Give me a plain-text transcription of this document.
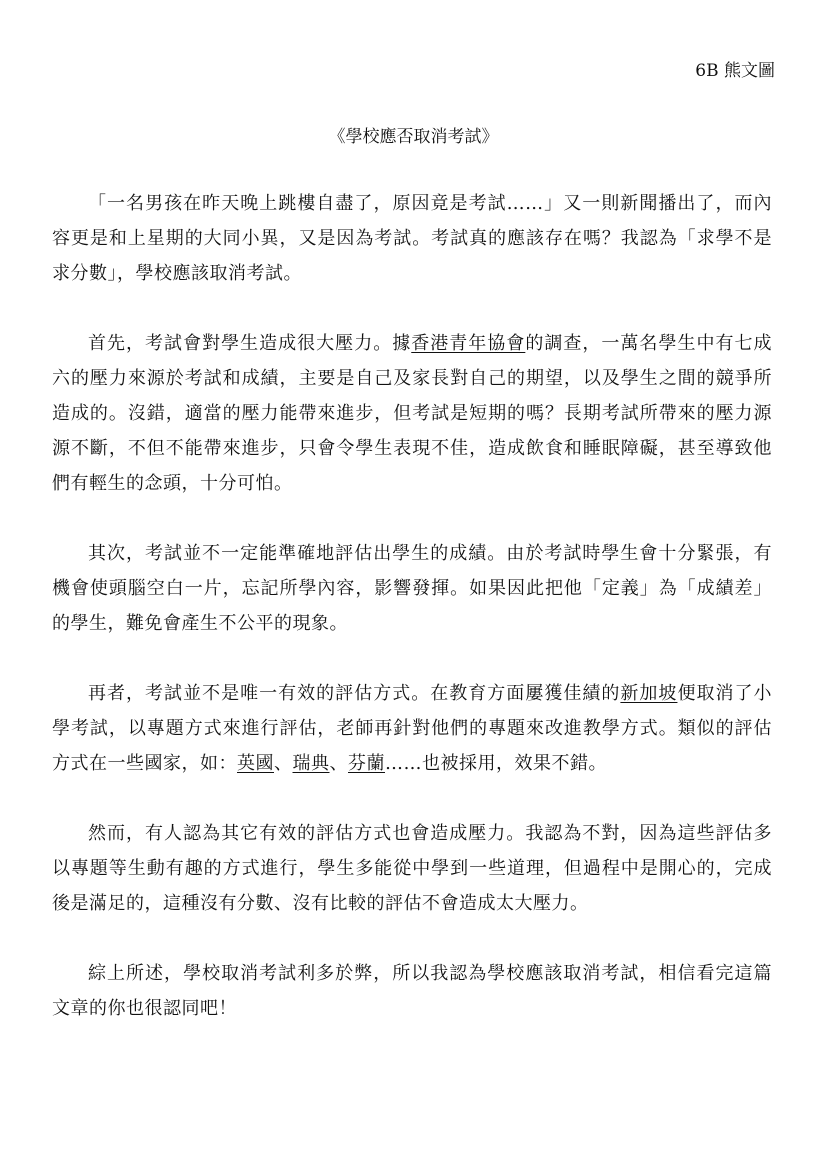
6B 熊文圖
《學校應否取消考試》

「一名男孩在昨天晚上跳樓自盡了，原因竟是考試……」又一則新聞播出了，而內容更是和上星期的大同小異，又是因為考試。考試真的應該存在嗎？我認為「求學不是求分數」，學校應該取消考試。

首先，考試會對學生造成很大壓力。據香港青年協會的調查，一萬名學生中有七成六的壓力來源於考試和成績，主要是自己及家長對自己的期望，以及學生之間的競爭所造成的。沒錯，適當的壓力能帶來進步，但考試是短期的嗎？長期考試所帶來的壓力源源不斷，不但不能帶來進步，只會令學生表現不佳，造成飲食和睡眠障礙，甚至導致他們有輕生的念頭，十分可怕。

其次，考試並不一定能準確地評估出學生的成績。由於考試時學生會十分緊張，有機會使頭腦空白一片，忘記所學內容，影響發揮。如果因此把他「定義」為「成績差」的學生，難免會產生不公平的現象。

再者，考試並不是唯一有效的評估方式。在教育方面屢獲佳績的新加坡便取消了小學考試，以專題方式來進行評估，老師再針對他們的專題來改進教學方式。類似的評估方式在一些國家，如：英國、瑞典、芬蘭……也被採用，效果不錯。

然而，有人認為其它有效的評估方式也會造成壓力。我認為不對，因為這些評估多以專題等生動有趣的方式進行，學生多能從中學到一些道理，但過程中是開心的，完成後是滿足的，這種沒有分數、沒有比較的評估不會造成太大壓力。

綜上所述，學校取消考試利多於弊，所以我認為學校應該取消考試，相信看完這篇文章的你也很認同吧！
